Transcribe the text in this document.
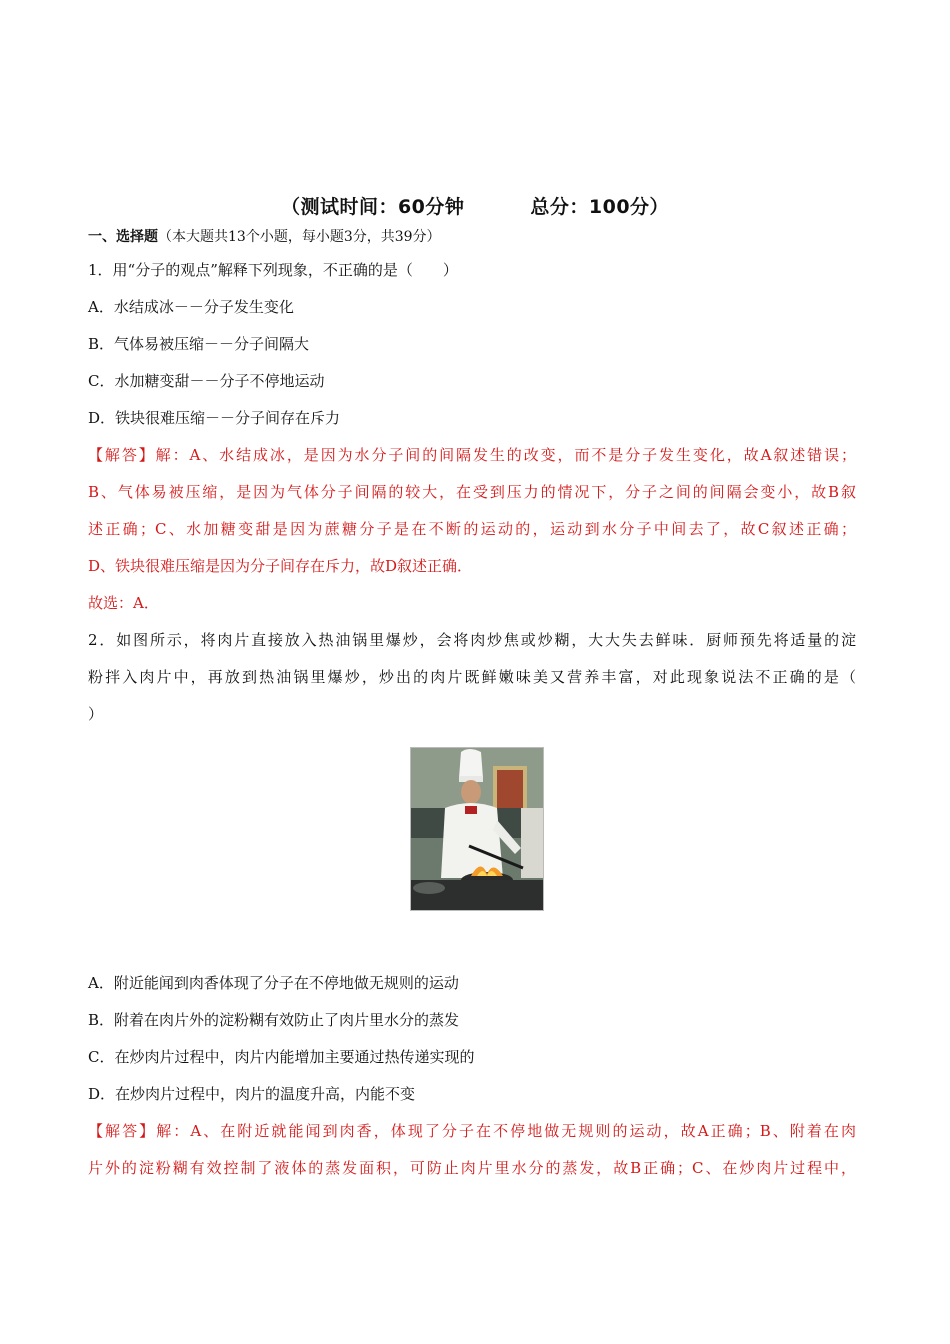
（测试时间：60分钟	总分：100分）
一、选择题（本大题共13个小题，每小题3分，共39分）
1．用“分子的观点”解释下列现象，不正确的是（　　）
A．水结成冰－－分子发生变化
B．气体易被压缩－－分子间隔大
C．水加糖变甜－－分子不停地运动
D．铁块很难压缩－－分子间存在斥力
【解答】解：A、水结成冰，是因为水分子间的间隔发生的改变，而不是分子发生变化，故A叙述错误；
B、气体易被压缩，是因为气体分子间隔的较大，在受到压力的情况下，分子之间的间隔会变小，故B叙
述正确；C、水加糖变甜是因为蔗糖分子是在不断的运动的，运动到水分子中间去了，故C叙述正确；
D、铁块很难压缩是因为分子间存在斥力，故D叙述正确．
故选：A．
2．如图所示，将肉片直接放入热油锅里爆炒，会将肉炒焦或炒糊，大大失去鲜味．厨师预先将适量的淀
粉拌入肉片中，再放到热油锅里爆炒，炒出的肉片既鲜嫩味美又营养丰富，对此现象说法不正确的是（
）
A．附近能闻到肉香体现了分子在不停地做无规则的运动
B．附着在肉片外的淀粉糊有效防止了肉片里水分的蒸发
C．在炒肉片过程中，肉片内能增加主要通过热传递实现的
D．在炒肉片过程中，肉片的温度升高，内能不变
【解答】解：A、在附近就能闻到肉香，体现了分子在不停地做无规则的运动，故A正确；B、附着在肉
片外的淀粉糊有效控制了液体的蒸发面积，可防止肉片里水分的蒸发，故B正确；C、在炒肉片过程中，
